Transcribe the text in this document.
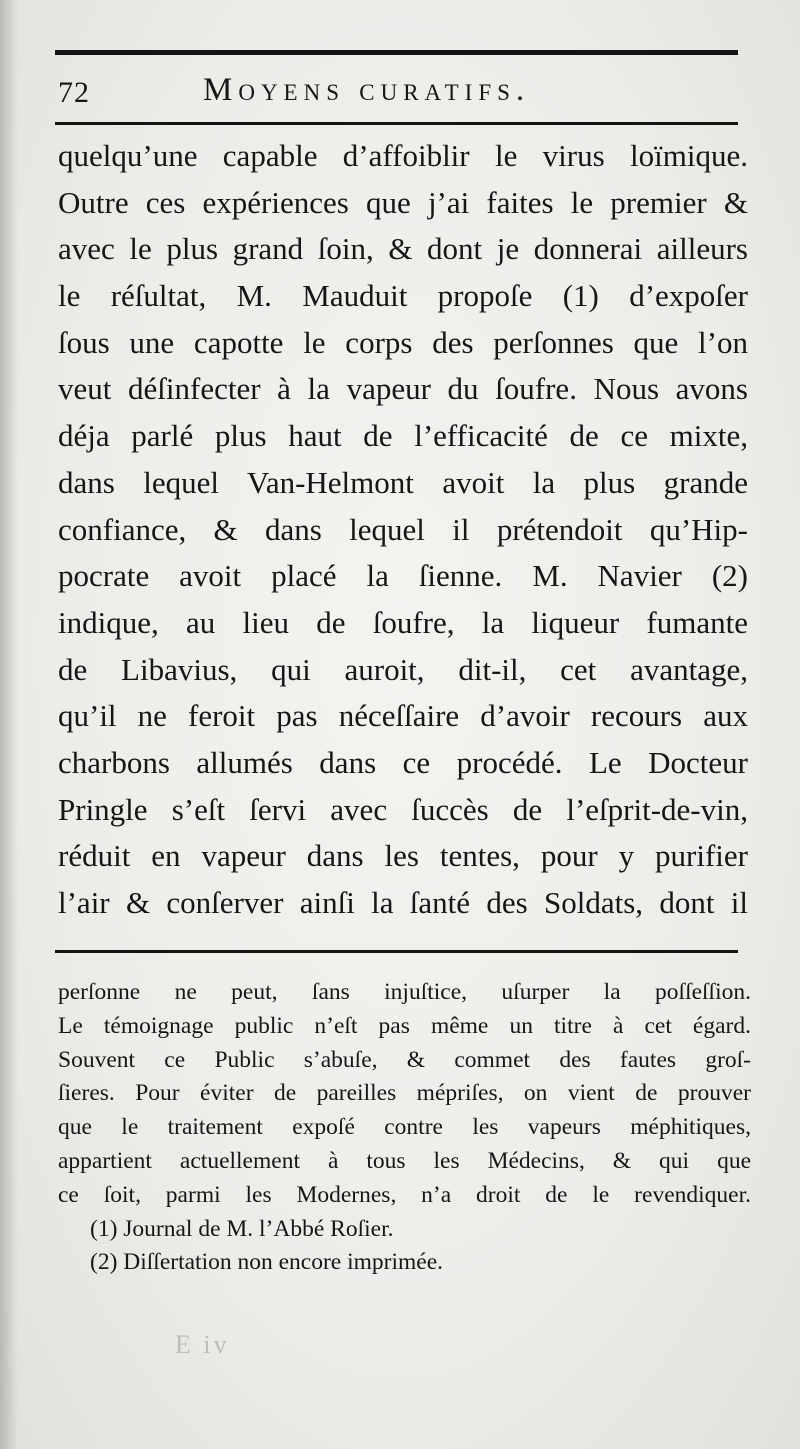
72	Moyens curatifs.
quelqu’une capable d’affoiblir le virus loïmique.
Outre ces expériences que j’ai faites le premier &
avec le plus grand ſoin, & dont je donnerai ailleurs
le réſultat, M. Mauduit propoſe (1) d’expoſer
ſous une capotte le corps des perſonnes que l’on
veut déſinfecter à la vapeur du ſoufre. Nous avons
déja parlé plus haut de l’efficacité de ce mixte,
dans lequel Van-Helmont avoit la plus grande
confiance, & dans lequel il prétendoit qu’Hip-
pocrate avoit placé la ſienne. M. Navier (2)
indique, au lieu de ſoufre, la liqueur fumante
de Libavius, qui auroit, dit-il, cet avantage,
qu’il ne feroit pas néceſſaire d’avoir recours aux
charbons allumés dans ce procédé. Le Docteur
Pringle s’eſt ſervi avec ſuccès de l’eſprit-de-vin,
réduit en vapeur dans les tentes, pour y purifier
l’air & conſerver ainſi la ſanté des Soldats, dont il
perſonne ne peut, ſans injuſtice, uſurper la poſſeſſion.
Le témoignage public n’eſt pas même un titre à cet égard.
Souvent ce Public s’abuſe, & commet des fautes groſ-
ſieres. Pour éviter de pareilles mépriſes, on vient de prouver
que le traitement expoſé contre les vapeurs méphitiques,
appartient actuellement à tous les Médecins, & qui que
ce ſoit, parmi les Modernes, n’a droit de le revendiquer.
(1) Journal de M. l’Abbé Roſier.
(2) Diſſertation non encore imprimée.
E iv
